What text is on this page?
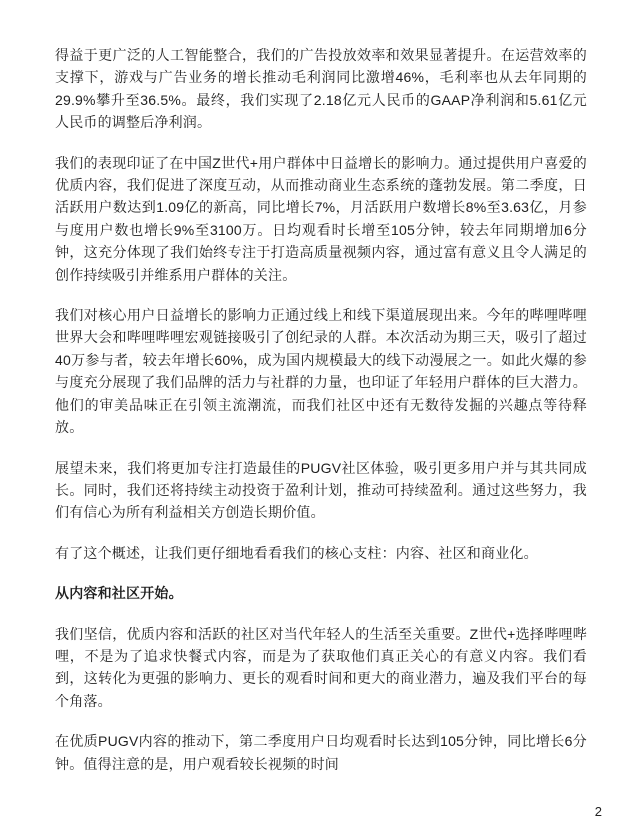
得益于更广泛的人工智能整合，我们的广告投放效率和效果显著提升。在运营效率的支撑下，游戏与广告业务的增长推动毛利润同比激增46%，毛利率也从去年同期的29.9%攀升至36.5%。最终，我们实现了2.18亿元人民币的GAAP净利润和5.61亿元人民币的调整后净利润。

我们的表现印证了在中国Z世代+用户群体中日益增长的影响力。通过提供用户喜爱的优质内容，我们促进了深度互动，从而推动商业生态系统的蓬勃发展。第二季度，日活跃用户数达到1.09亿的新高，同比增长7%，月活跃用户数增长8%至3.63亿，月参与度用户数也增长9%至3100万。日均观看时长增至105分钟，较去年同期增加6分钟，这充分体现了我们始终专注于打造高质量视频内容，通过富有意义且令人满足的创作持续吸引并维系用户群体的关注。

我们对核心用户日益增长的影响力正通过线上和线下渠道展现出来。今年的哔哩哔哩世界大会和哔哩哔哩宏观链接吸引了创纪录的人群。本次活动为期三天，吸引了超过40万参与者，较去年增长60%，成为国内规模最大的线下动漫展之一。如此火爆的参与度充分展现了我们品牌的活力与社群的力量，也印证了年轻用户群体的巨大潜力。他们的审美品味正在引领主流潮流，而我们社区中还有无数待发掘的兴趣点等待释放。

展望未来，我们将更加专注打造最佳的PUGV社区体验，吸引更多用户并与其共同成长。同时，我们还将持续主动投资于盈利计划，推动可持续盈利。通过这些努力，我们有信心为所有利益相关方创造长期价值。

有了这个概述，让我们更仔细地看看我们的核心支柱：内容、社区和商业化。

从内容和社区开始。

我们坚信，优质内容和活跃的社区对当代年轻人的生活至关重要。Z世代+选择哔哩哔哩，不是为了追求快餐式内容，而是为了获取他们真正关心的有意义内容。我们看到，这转化为更强的影响力、更长的观看时间和更大的商业潜力，遍及我们平台的每个角落。

在优质PUGV内容的推动下，第二季度用户日均观看时长达到105分钟，同比增长6分钟。值得注意的是，用户观看较长视频的时间

2
